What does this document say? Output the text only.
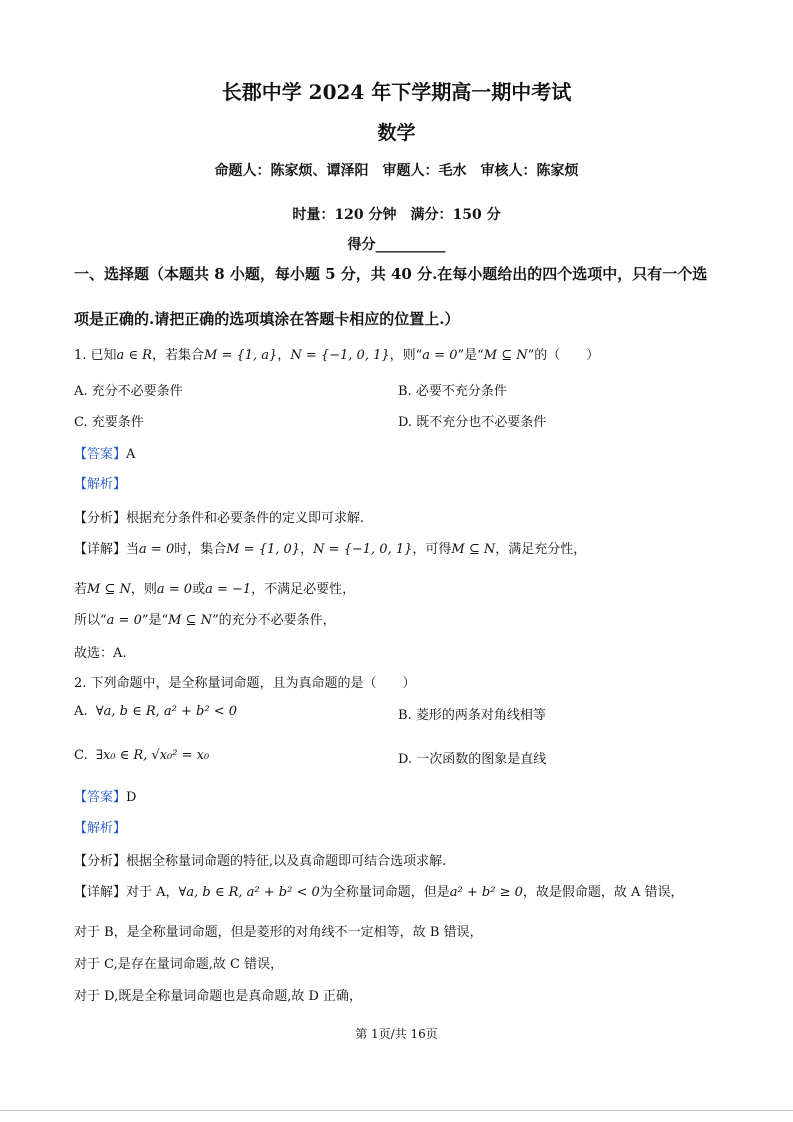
长郡中学 2024 年下学期高一期中考试
数学
命题人：陈家烦、谭泽阳　审题人：毛水　审核人：陈家烦
时量：120 分钟　满分：150 分
得分__________
一、选择题（本题共 8 小题，每小题 5 分，共 40 分.在每小题给出的四个选项中，只有一个选
项是正确的.请把正确的选项填涂在答题卡相应的位置上.）
1. 已知a ∈ R，若集合M = {1, a}，N = {−1, 0, 1}，则“a = 0”是“M ⊆ N”的（　　）
A. 充分不必要条件	B. 必要不充分条件
C. 充要条件	D. 既不充分也不必要条件
【答案】A
【解析】
【分析】根据充分条件和必要条件的定义即可求解.
【详解】当a = 0时，集合M = {1, 0}，N = {−1, 0, 1}，可得M ⊆ N，满足充分性，
若M ⊆ N，则a = 0或a = −1，不满足必要性，
所以“a = 0”是“M ⊆ N”的充分不必要条件，
故选：A.
2. 下列命题中，是全称量词命题，且为真命题的是（　　）
A. ∀a, b ∈ R, a² + b² < 0	B. 菱形的两条对角线相等
C. ∃x₀ ∈ R, √x₀² = x₀	D. 一次函数的图象是直线
【答案】D
【解析】
【分析】根据全称量词命题的特征,以及真命题即可结合选项求解.
【详解】对于 A，∀a, b ∈ R, a² + b² < 0为全称量词命题，但是a² + b² ≥ 0，故是假命题，故 A 错误，
对于 B，是全称量词命题，但是菱形的对角线不一定相等，故 B 错误，
对于 C,是存在量词命题,故 C 错误，
对于 D,既是全称量词命题也是真命题,故 D 正确，
第 1页/共 16页
